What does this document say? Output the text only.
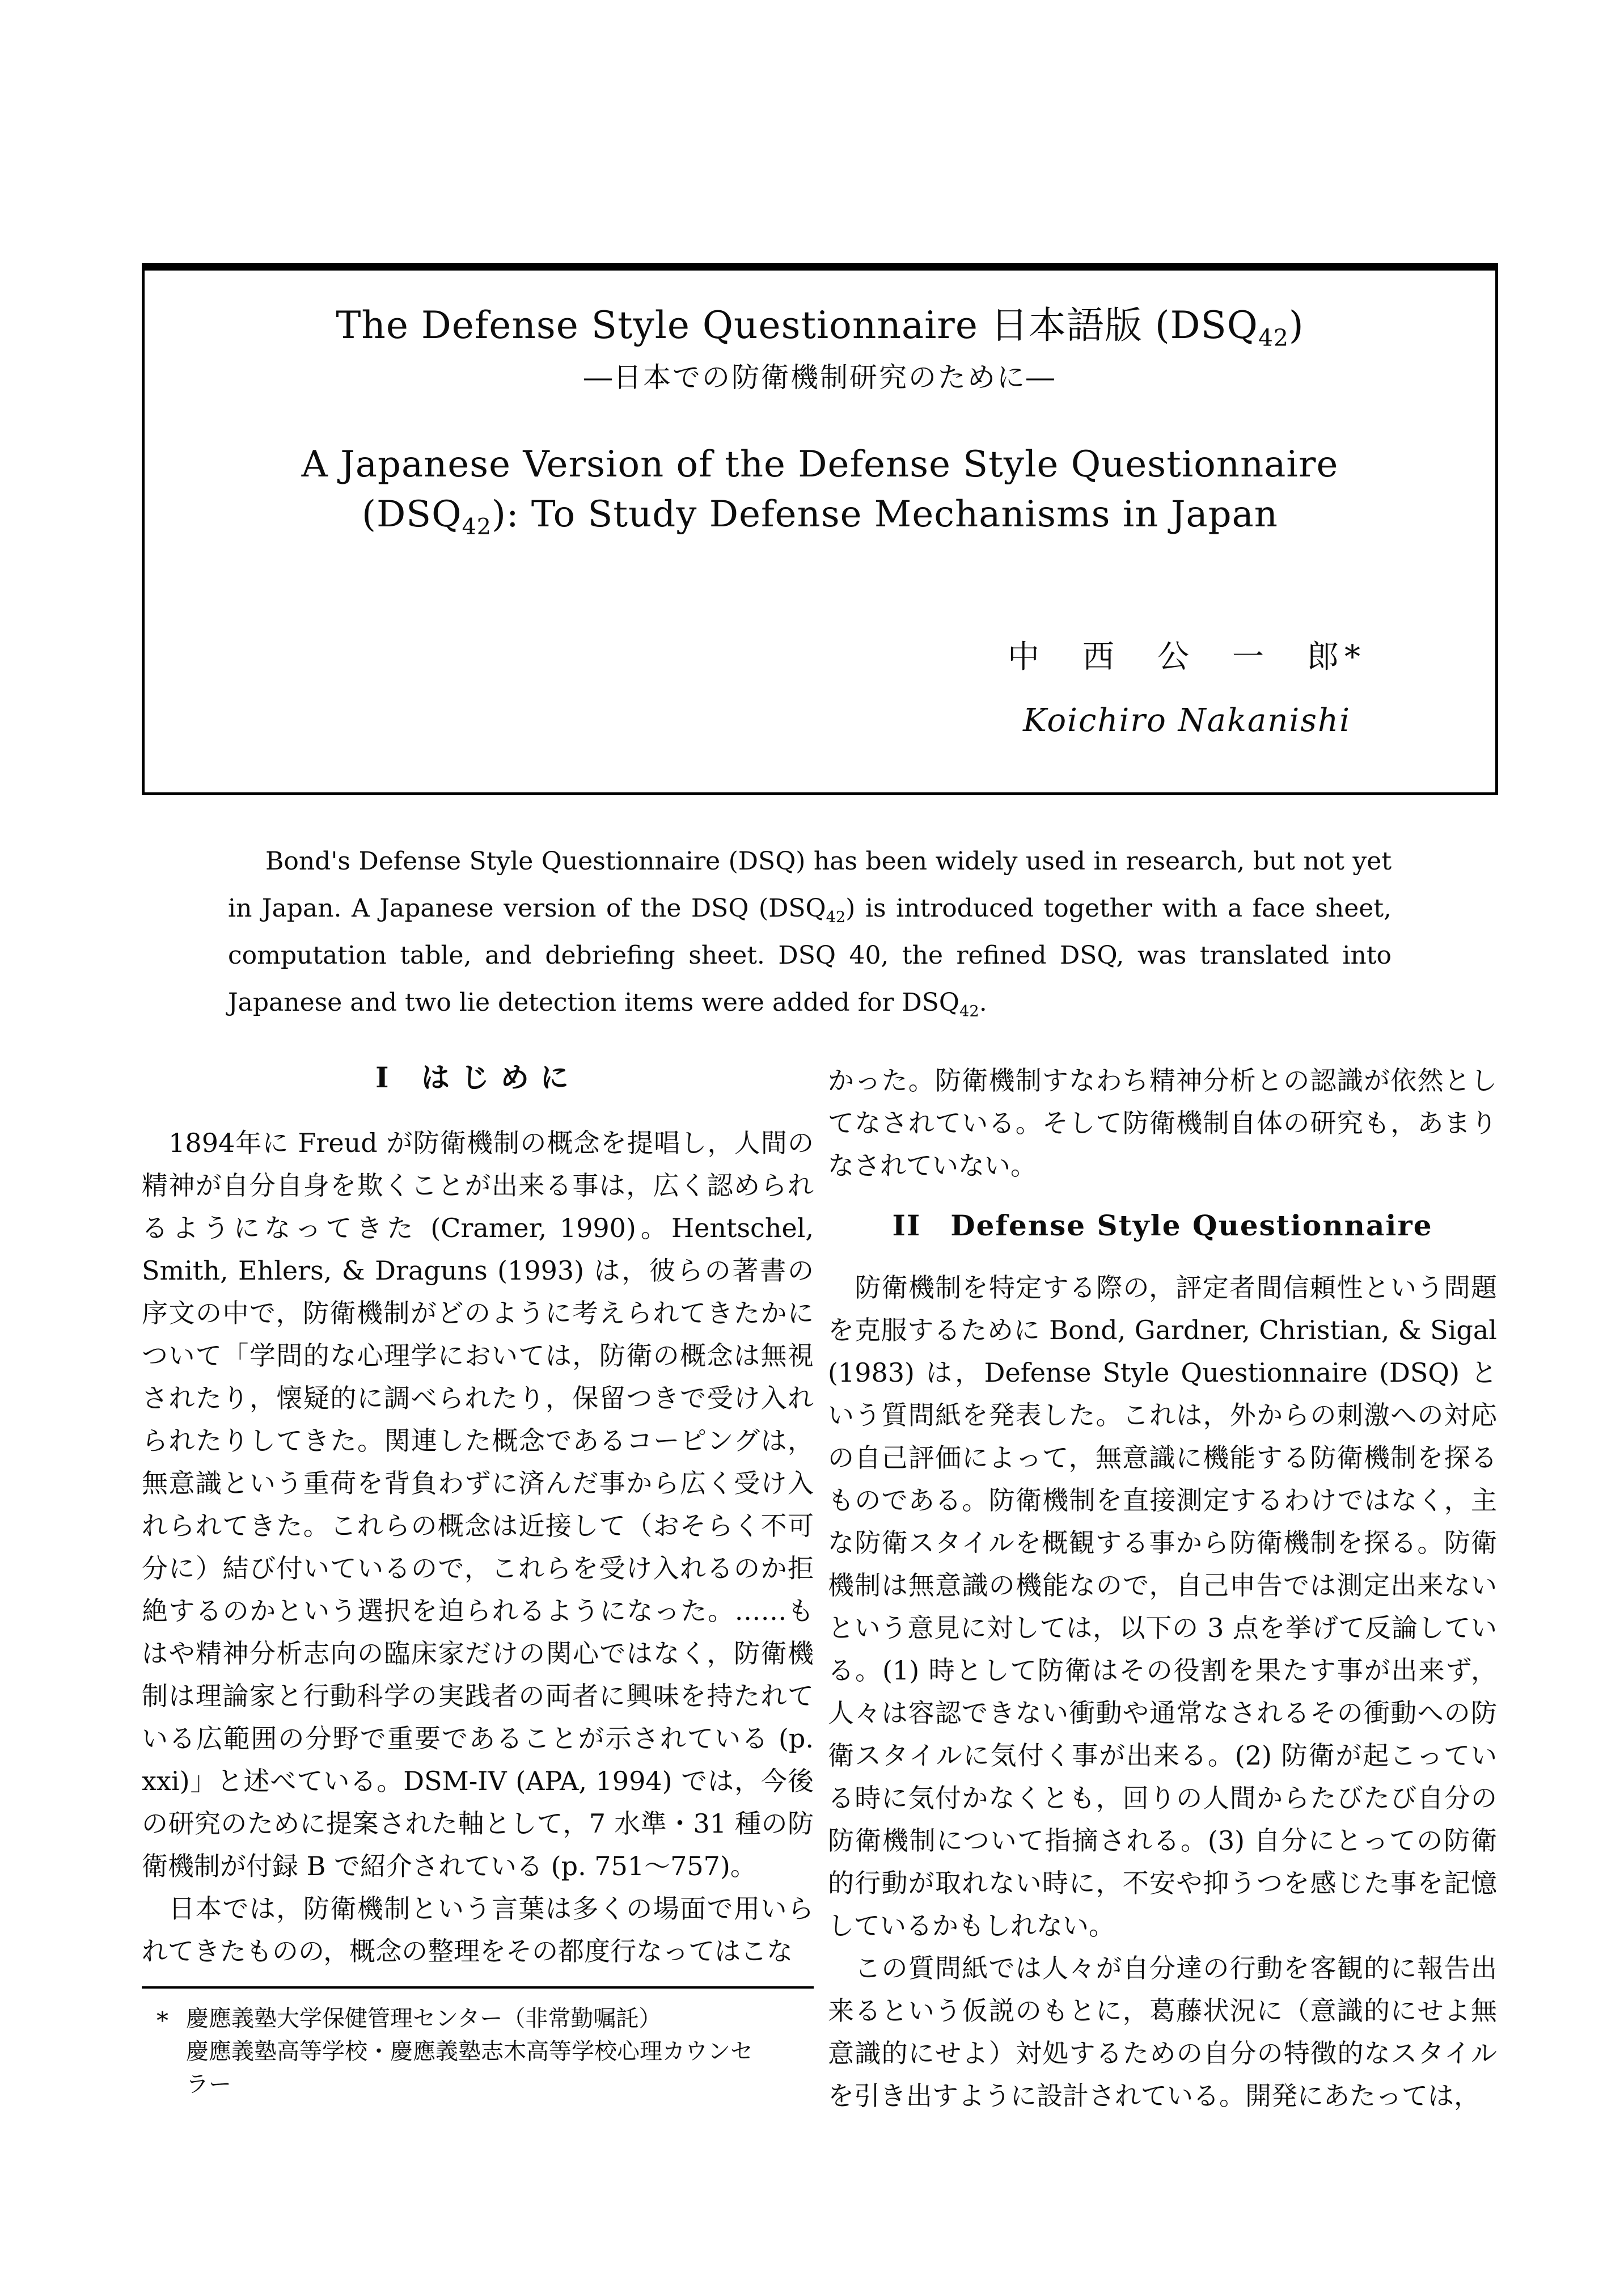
The Defense Style Questionnaire 日本語版 $(DSQ_{42})$
―日本での防衛機制研究のために―
A Japanese Version of the Defense Style Questionnaire
$(DSQ_{42})$: To Study Defense Mechanisms in Japan
中　西　公　一　郎*
Koichiro Nakanishi
Bond's Defense Style Questionnaire (DSQ) has been widely used in research, but not yet in Japan. A Japanese version of the DSQ $(DSQ_{42})$ is introduced together with a face sheet, computation table, and debriefing sheet. DSQ 40, the refined DSQ, was translated into Japanese and two lie detection items were added for $DSQ_{42}$.
I はじめに

　1894年に Freud が防衛機制の概念を提唱し，人間の精神が自分自身を欺くことが出来る事は，広く認められるようになってきた (Cramer, 1990)。Hentschel, Smith, Ehlers, & Draguns (1993) は，彼らの著書の序文の中で，防衛機制がどのように考えられてきたかについて「学問的な心理学においては，防衛の概念は無視されたり，懐疑的に調べられたり，保留つきで受け入れられたりしてきた。関連した概念であるコーピングは，無意識という重荷を背負わずに済んだ事から広く受け入れられてきた。これらの概念は近接して（おそらく不可分に）結び付いているので，これらを受け入れるのか拒絶するのかという選択を迫られるようになった。……もはや精神分析志向の臨床家だけの関心ではなく，防衛機制は理論家と行動科学の実践者の両者に興味を持たれている広範囲の分野で重要であることが示されている (p. xxi)」と述べている。DSM-IV (APA, 1994) では，今後の研究のために提案された軸として，7 水準・31 種の防衛機制が付録 B で紹介されている (p. 751～757)。

　日本では，防衛機制という言葉は多くの場面で用いられてきたものの，概念の整理をその都度行なってはこな

かった。防衛機制すなわち精神分析との認識が依然としてなされている。そして防衛機制自体の研究も，あまりなされていない。

II　Defense Style Questionnaire

　防衛機制を特定する際の，評定者間信頼性という問題を克服するために Bond, Gardner, Christian, & Sigal (1983) は，Defense Style Questionnaire (DSQ) という質問紙を発表した。これは，外からの刺激への対応の自己評価によって，無意識に機能する防衛機制を探るものである。防衛機制を直接測定するわけではなく，主な防衛スタイルを概観する事から防衛機制を探る。防衛機制は無意識の機能なので，自己申告では測定出来ないという意見に対しては，以下の 3 点を挙げて反論している。(1) 時として防衛はその役割を果たす事が出来ず，人々は容認できない衝動や通常なされるその衝動への防衛スタイルに気付く事が出来る。(2) 防衛が起こっている時に気付かなくとも，回りの人間からたびたび自分の防衛機制について指摘される。(3) 自分にとっての防衛的行動が取れない時に，不安や抑うつを感じた事を記憶しているかもしれない。

　この質問紙では人々が自分達の行動を客観的に報告出来るという仮説のもとに，葛藤状況に（意識的にせよ無意識的にせよ）対処するための自分の特徴的なスタイルを引き出すように設計されている。開発にあたっては，

* 慶應義塾大学保健管理センター（非常勤嘱託）
慶應義塾高等学校・慶應義塾志木高等学校心理カウンセ
ラー
